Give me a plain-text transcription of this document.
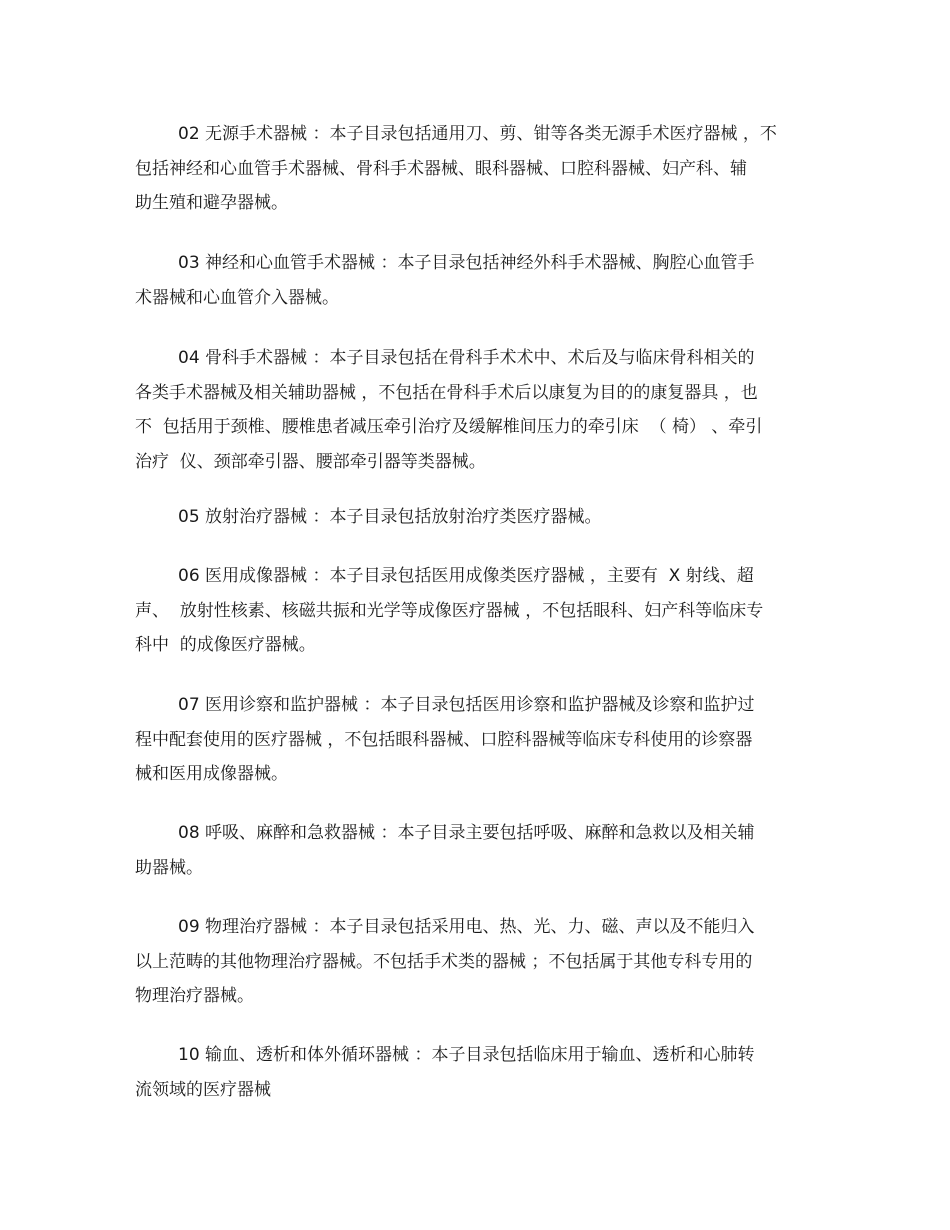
02 无源手术器械 ：本子目录包括通用刀、剪、钳等各类无源手术医疗器械 ，不
包括神经和心血管手术器械、骨科手术器械、眼科器械、口腔科器械、妇产科、辅
助生殖和避孕器械。

03 神经和心血管手术器械 ：本子目录包括神经外科手术器械、胸腔心血管手
术器械和心血管介入器械。

04 骨科手术器械 ：本子目录包括在骨科手术术中、术后及与临床骨科相关的
各类手术器械及相关辅助器械 ，不包括在骨科手术后以康复为目的的康复器具 ，也
不  包括用于颈椎、腰椎患者减压牵引治疗及缓解椎间压力的牵引床  （ 椅） 、牵引
治疗  仪、颈部牵引器、腰部牵引器等类器械。

05 放射治疗器械 ：本子目录包括放射治疗类医疗器械。

06 医用成像器械 ：本子目录包括医用成像类医疗器械 ，主要有  X 射线、超
声、  放射性核素、核磁共振和光学等成像医疗器械 ，不包括眼科、妇产科等临床专
科中  的成像医疗器械。

07 医用诊察和监护器械 ：本子目录包括医用诊察和监护器械及诊察和监护过
程中配套使用的医疗器械 ，不包括眼科器械、口腔科器械等临床专科使用的诊察器
械和医用成像器械。

08 呼吸、麻醉和急救器械 ：本子目录主要包括呼吸、麻醉和急救以及相关辅
助器械。

09 物理治疗器械 ：本子目录包括采用电、热、光、力、磁、声以及不能归入
以上范畴的其他物理治疗器械。不包括手术类的器械 ；不包括属于其他专科专用的
物理治疗器械。

10 输血、透析和体外循环器械 ：本子目录包括临床用于输血、透析和心肺转
流领域的医疗器械
